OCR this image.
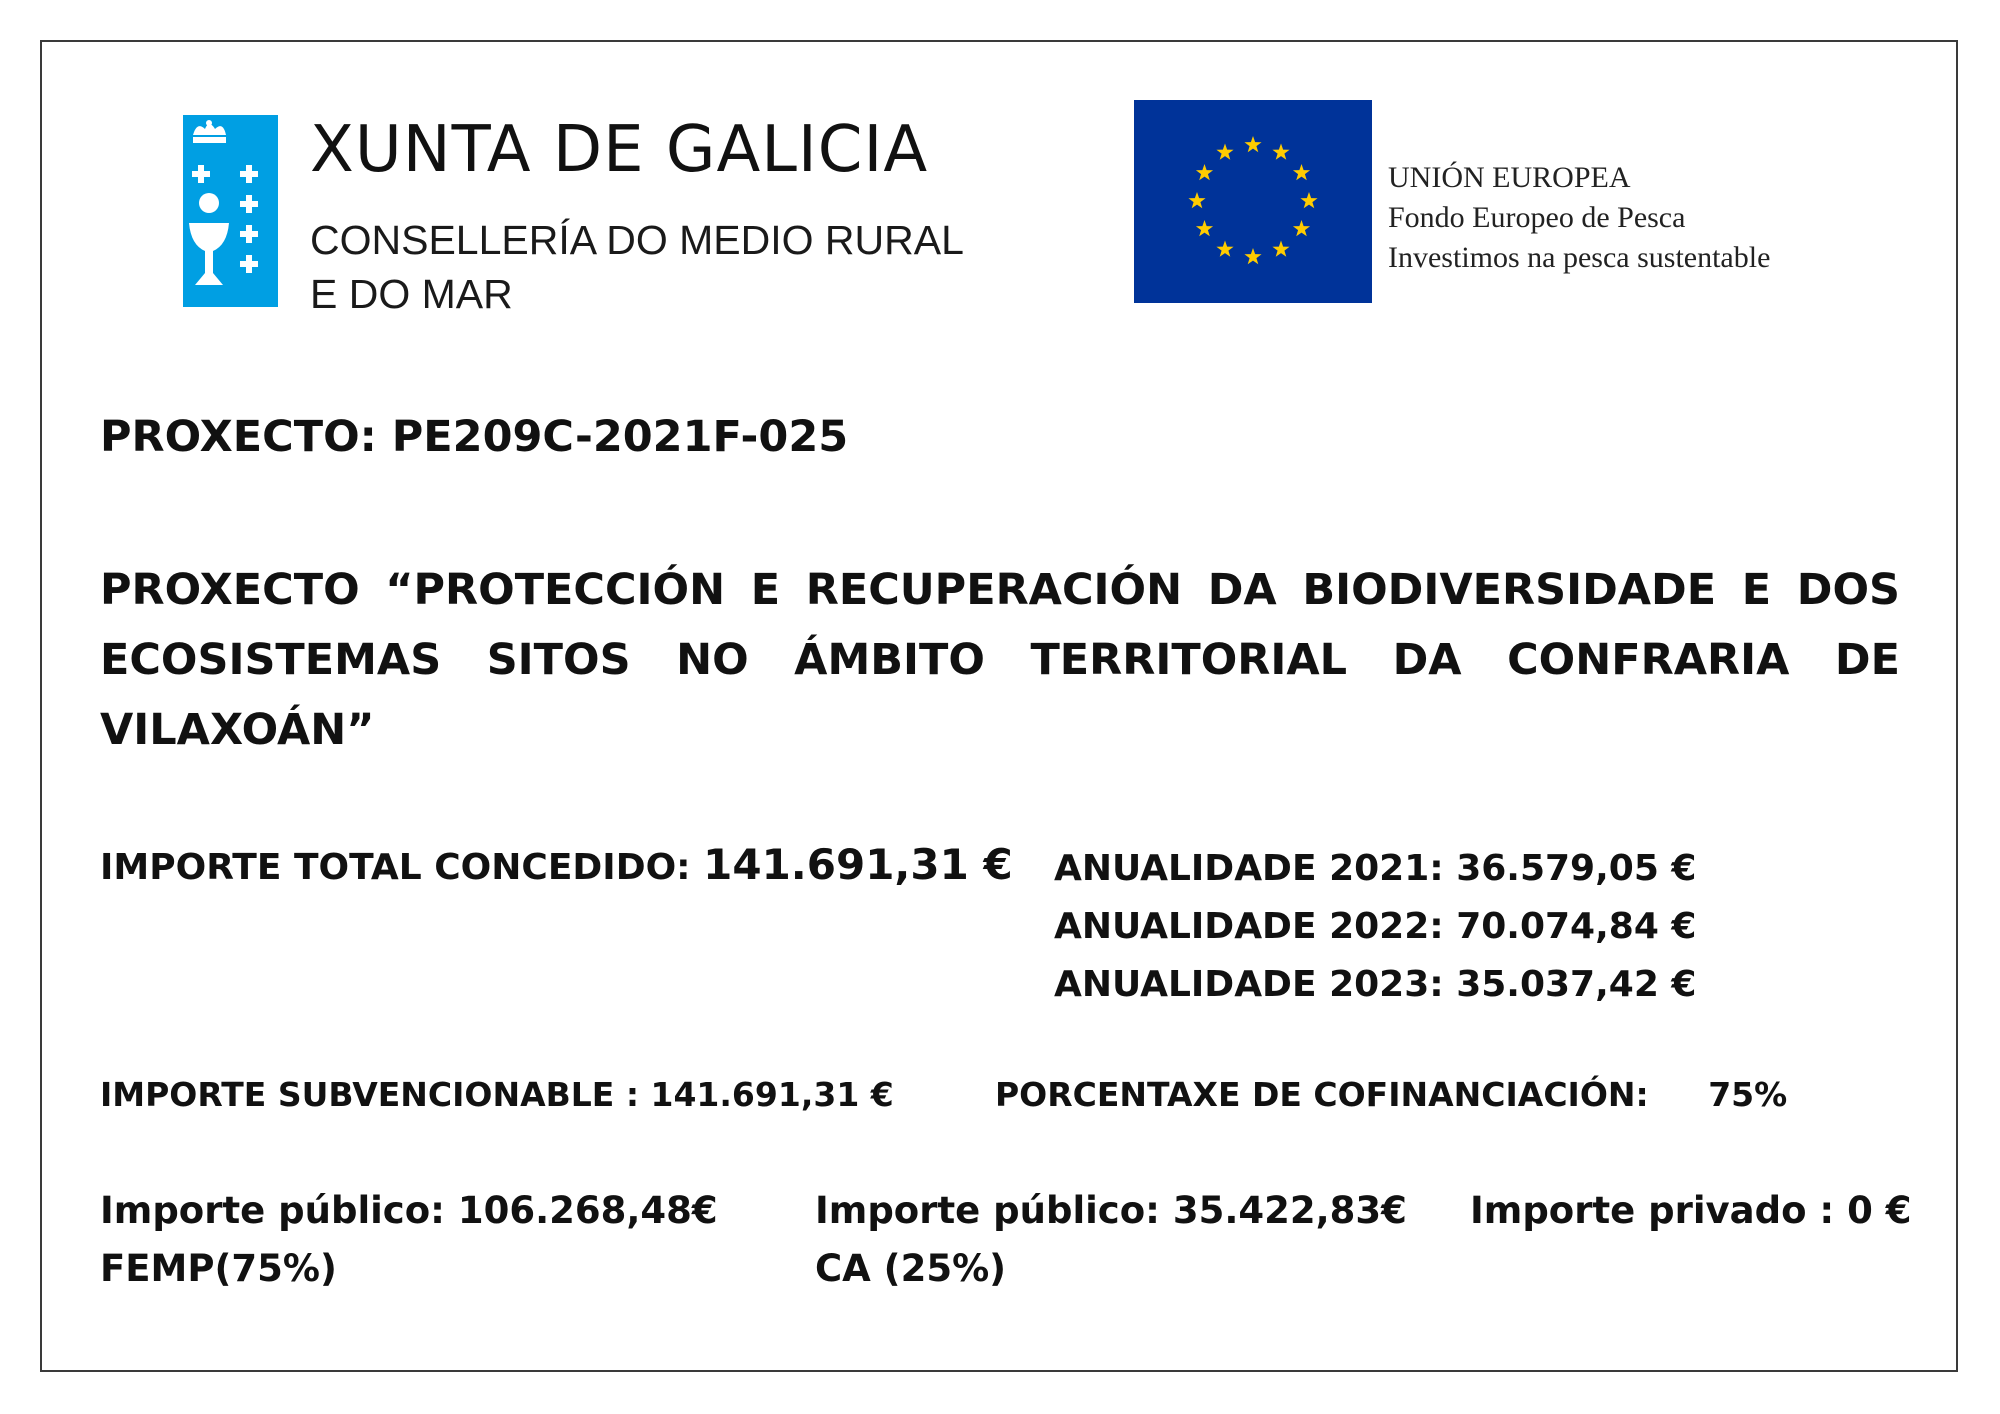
XUNTA DE GALICIA
CONSELLERÍA DO MEDIO RURAL
E DO MAR
UNIÓN EUROPEA
Fondo Europeo de Pesca
Investimos na pesca sustentable
PROXECTO: PE209C-2021F-025
PROXECTO “PROTECCIÓN E RECUPERACIÓN DA BIODIVERSIDADE E DOS ECOSISTEMAS SITOS NO ÁMBITO TERRITORIAL DA CONFRARIA DE VILAXOÁN”
IMPORTE TOTAL CONCEDIDO: 141.691,31 € ANUALIDADE 2021: 36.579,05 €
ANUALIDADE 2022: 70.074,84 €
ANUALIDADE 2023: 35.037,42 €
IMPORTE SUBVENCIONABLE : 141.691,31 €	PORCENTAXE DE COFINANCIACIÓN: 75%
Importe público: 106.268,48€
FEMP(75%)
Importe público: 35.422,83€
CA (25%)
Importe privado : 0 €
